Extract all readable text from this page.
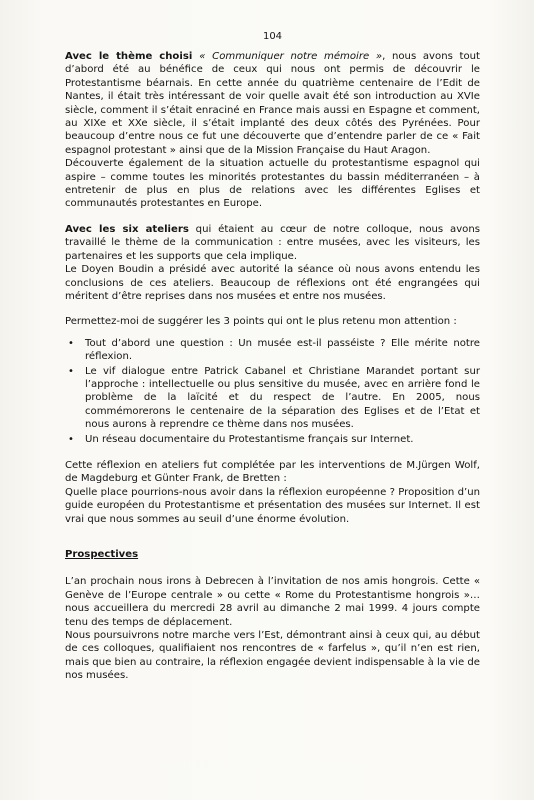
104

Avec le thème choisi « Communiquer notre mémoire », nous avons tout d’abord été au bénéfice de ceux qui nous ont permis de découvrir le Protestantisme béarnais. En cette année du quatrième centenaire de l’Edit de Nantes, il était très intéressant de voir quelle avait été son introduction au XVIe siècle, comment il s’était enraciné en France mais aussi en Espagne et comment, au XIXe et XXe siècle, il s’était implanté des deux côtés des Pyrénées. Pour beaucoup d’entre nous ce fut une découverte que d’entendre parler de ce « Fait espagnol protestant » ainsi que de la Mission Française du Haut Aragon.

Découverte également de la situation actuelle du protestantisme espagnol qui aspire – comme toutes les minorités protestantes du bassin méditerranéen – à entretenir de plus en plus de relations avec les différentes Eglises et communautés protestantes en Europe.

Avec les six ateliers qui étaient au cœur de notre colloque, nous avons travaillé le thème de la communication : entre musées, avec les visiteurs, les partenaires et les supports que cela implique.

Le Doyen Boudin a présidé avec autorité la séance où nous avons entendu les conclusions de ces ateliers. Beaucoup de réflexions ont été engrangées qui méritent d’être reprises dans nos musées et entre nos musées.

Permettez-moi de suggérer les 3 points qui ont le plus retenu mon attention :

• Tout d’abord une question : Un musée est-il passéiste ? Elle mérite notre réflexion.
• Le vif dialogue entre Patrick Cabanel et Christiane Marandet portant sur l’approche : intellectuelle ou plus sensitive du musée, avec en arrière fond le problème de la laïcité et du respect de l’autre. En 2005, nous commémorerons le centenaire de la séparation des Eglises et de l’Etat et nous aurons à reprendre ce thème dans nos musées.
• Un réseau documentaire du Protestantisme français sur Internet.

Cette réflexion en ateliers fut complétée par les interventions de M.Jürgen Wolf, de Magdeburg et Günter Frank, de Bretten :

Quelle place pourrions-nous avoir dans la réflexion européenne ? Proposition d’un guide européen du Protestantisme et présentation des musées sur Internet. Il est vrai que nous sommes au seuil d’une énorme évolution.

Prospectives

L’an prochain nous irons à Debrecen à l’invitation de nos amis hongrois. Cette « Genève de l’Europe centrale » ou cette « Rome du Protestantisme hongrois »… nous accueillera du mercredi 28 avril au dimanche 2 mai 1999. 4 jours compte tenu des temps de déplacement.

Nous poursuivrons notre marche vers l’Est, démontrant ainsi à ceux qui, au début de ces colloques, qualifiaient nos rencontres de « farfelus », qu’il n’en est rien, mais que bien au contraire, la réflexion engagée devient indispensable à la vie de nos musées.
